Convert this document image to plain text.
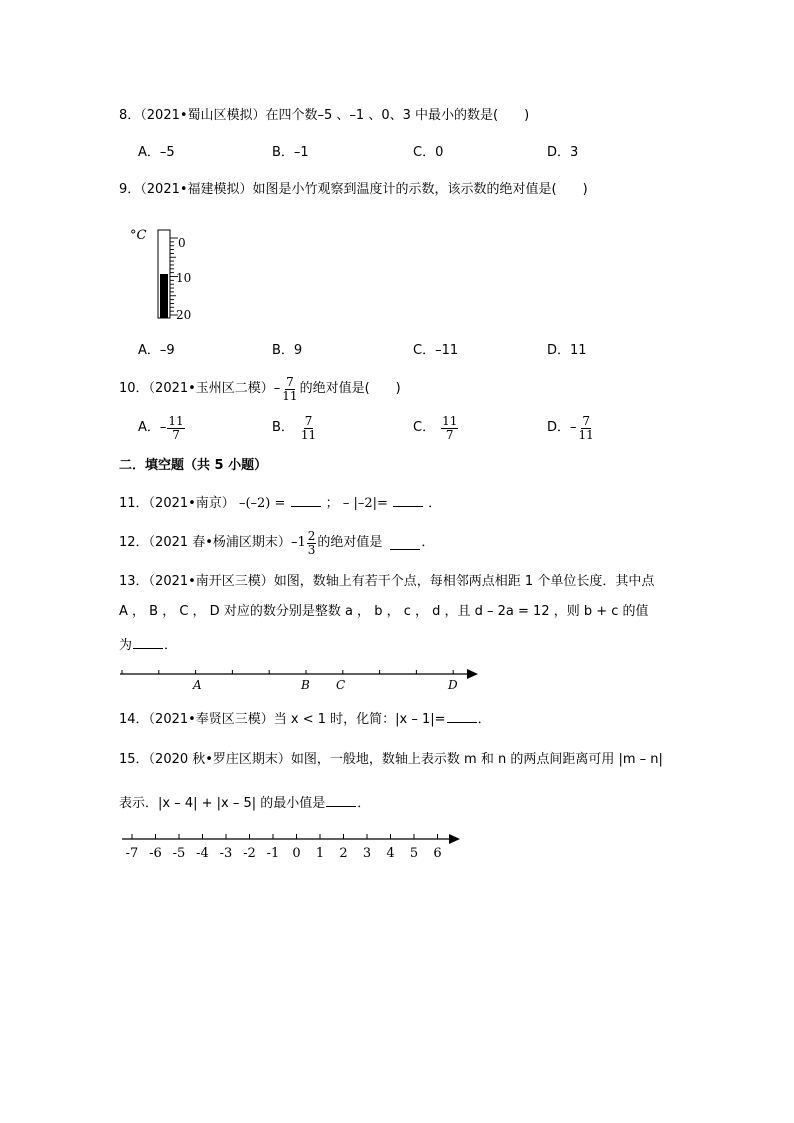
8．（2021•蜀山区模拟）在四个数–5 、–1 、0、3 中最小的数是(　　)
A．–5	B．–1	C．0	D．3
9．（2021•福建模拟）如图是小竹观察到温度计的示数，该示数的绝对值是(　　)
°C	0
10
20
A．–9	B．9	C．–11	D．11
10．（2021•玉州区二模） – $\frac{7}{11}$ 的绝对值是(　　)
A． – $\frac{11}{7}$	B． $\frac{7}{11}$	C． $\frac{11}{7}$	D． – $\frac{7}{11}$
二．填空题（共 5 小题）
11．（2021•南京） –(–2) =	； – |–2|=	．
12．（2021 春•杨浦区期末） – $1 \frac{2}{3}$ 的绝对值是	．
13．（2021•南开区三模）如图，数轴上有若干个点，每相邻两点相距 1 个单位长度．其中点
A ， B ， C ， D 对应的数分别是整数 a ， b ， c ， d ，且 d – 2a = 12 ，则 b + c 的值
为 ．
A	B C	D
14．（2021•奉贤区三模）当 x < 1 时，化简：|x – 1|= ．
15．（2020 秋•罗庄区期末）如图，一般地，数轴上表示数 m 和 n 的两点间距离可用 |m – n|
表示．|x – 4| + |x – 5| 的最小值是 ．
-7 -6 -5 -4 -3 -2 -1 0 1 2 3 4 5 6
